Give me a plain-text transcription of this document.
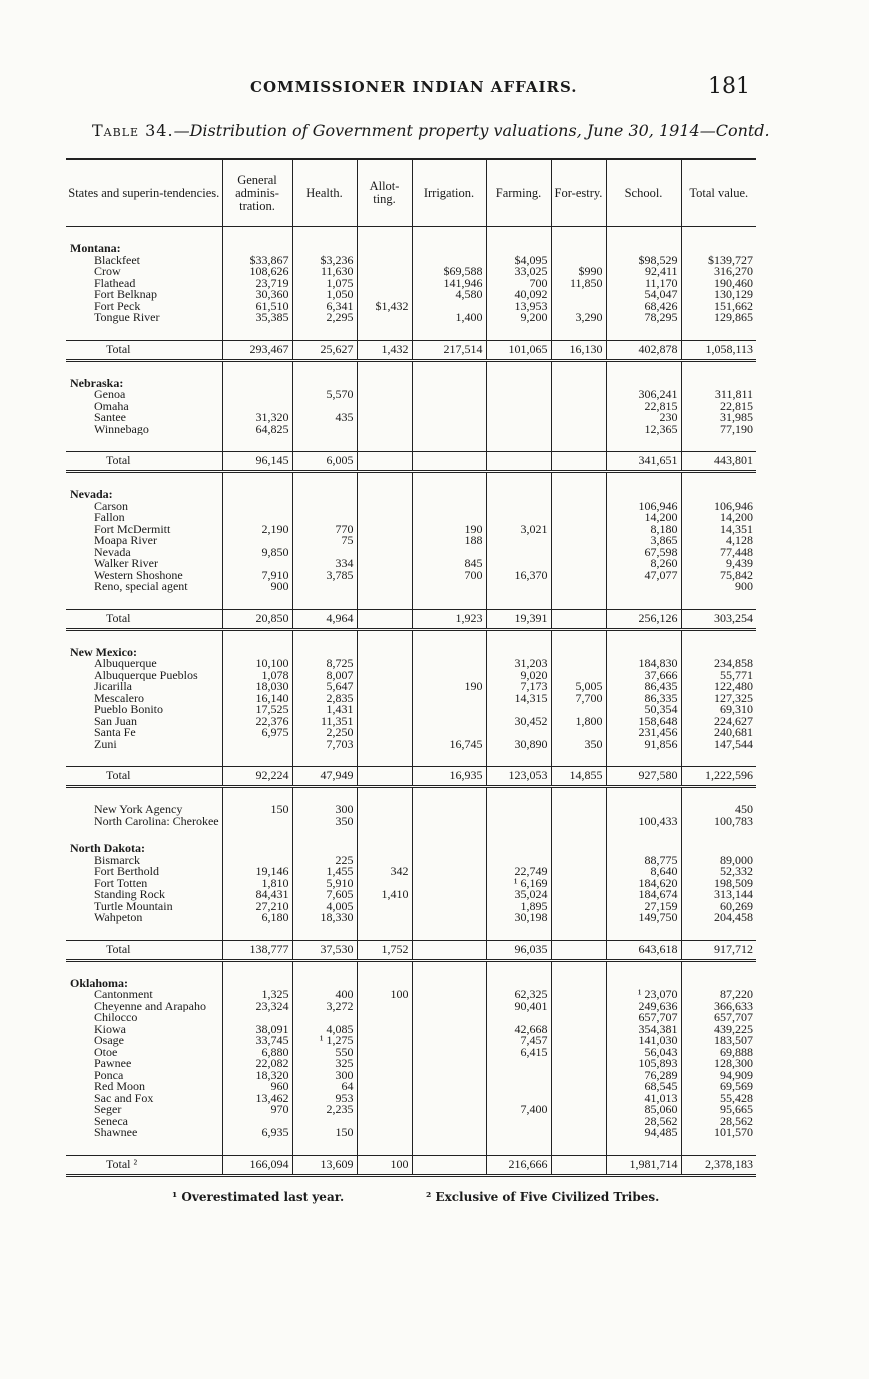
COMMISSIONER INDIAN AFFAIRS.	181
Table 34.—Distribution of Government property valuations, June 30, 1914—Contd.
States and superin-tendencies.	General adminis-tration.	Health.	Allot-ting.	Irrigation.	Farming.	For-estry.	School.	Total value.

Montana:								
Blackfeet	$33,867	$3,236			$4,095		$98,529	$139,727
Crow	108,626	11,630		$69,588	33,025	$990	92,411	316,270
Flathead	23,719	1,075		141,946	700	11,850	11,170	190,460
Fort Belknap	30,360	1,050		4,580	40,092		54,047	130,129
Fort Peck	61,510	6,341	$1,432		13,953		68,426	151,662
Tongue River	35,385	2,295		1,400	9,200	3,290	78,295	129,865

Total	293,467	25,627	1,432	217,514	101,065	16,130	402,878	1,058,113

Nebraska:								
Genoa		5,570					306,241	311,811
Omaha							22,815	22,815
Santee	31,320	435					230	31,985
Winnebago	64,825						12,365	77,190

Total	96,145	6,005					341,651	443,801

Nevada:								
Carson							106,946	106,946
Fallon							14,200	14,200
Fort McDermitt	2,190	770		190	3,021		8,180	14,351
Moapa River		75		188			3,865	4,128
Nevada	9,850						67,598	77,448
Walker River		334		845			8,260	9,439
Western Shoshone	7,910	3,785		700	16,370		47,077	75,842
Reno, special agent	900							900

Total	20,850	4,964		1,923	19,391		256,126	303,254

New Mexico:								
Albuquerque	10,100	8,725			31,203		184,830	234,858
Albuquerque Pueblos	1,078	8,007			9,020		37,666	55,771
Jicarilla	18,030	5,647		190	7,173	5,005	86,435	122,480
Mescalero	16,140	2,835			14,315	7,700	86,335	127,325
Pueblo Bonito	17,525	1,431					50,354	69,310
San Juan	22,376	11,351			30,452	1,800	158,648	224,627
Santa Fe	6,975	2,250					231,456	240,681
Zuni		7,703		16,745	30,890	350	91,856	147,544

Total	92,224	47,949		16,935	123,053	14,855	927,580	1,222,596

New York Agency	150	300						450
North Carolina: Cherokee		350					100,433	100,783

North Dakota:								
Bismarck		225					88,775	89,000
Fort Berthold	19,146	1,455	342		22,749		8,640	52,332
Fort Totten	1,810	5,910			¹ 6,169		184,620	198,509
Standing Rock	84,431	7,605	1,410		35,024		184,674	313,144
Turtle Mountain	27,210	4,005			1,895		27,159	60,269
Wahpeton	6,180	18,330			30,198		149,750	204,458

Total	138,777	37,530	1,752		96,035		643,618	917,712

Oklahoma:								
Cantonment	1,325	400	100		62,325		¹ 23,070	87,220
Cheyenne and Arapaho	23,324	3,272			90,401		249,636	366,633
Chilocco							657,707	657,707
Kiowa	38,091	4,085			42,668		354,381	439,225
Osage	33,745	¹ 1,275			7,457		141,030	183,507
Otoe	6,880	550			6,415		56,043	69,888
Pawnee	22,082	325					105,893	128,300
Ponca	18,320	300					76,289	94,909
Red Moon	960	64					68,545	69,569
Sac and Fox	13,462	953					41,013	55,428
Seger	970	2,235			7,400		85,060	95,665
Seneca							28,562	28,562
Shawnee	6,935	150					94,485	101,570

Total ²	166,094	13,609	100		216,666		1,981,714	2,378,183
¹ Overestimated last year.	² Exclusive of Five Civilized Tribes.
